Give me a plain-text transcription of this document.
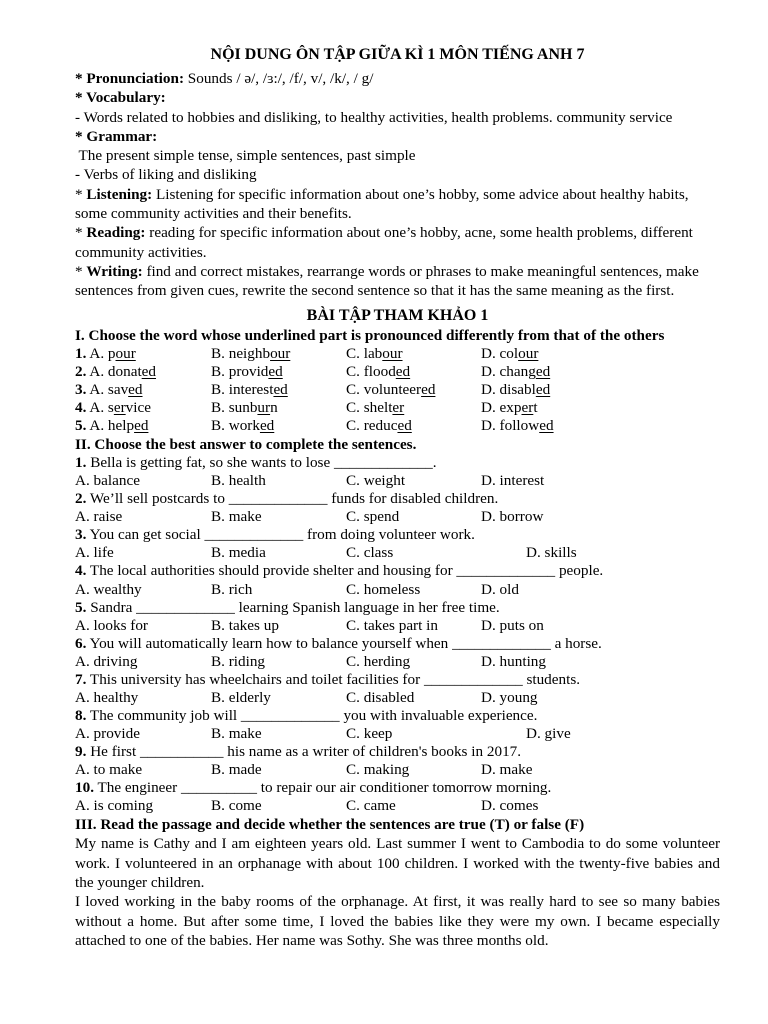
NỘI DUNG ÔN TẬP GIỮA KÌ 1 MÔN TIẾNG ANH 7
* Pronunciation: Sounds / ə/, /ɜ:/, /f/, v/, /k/, / g/
* Vocabulary:
- Words related to hobbies and disliking, to healthy activities, health problems. community service
* Grammar:
The present simple tense, simple sentences, past simple
- Verbs of liking and disliking
* Listening: Listening for specific information about one’s hobby, some advice about healthy habits, some community activities and their benefits.
* Reading: reading for specific information about one’s hobby, acne, some health problems, different community activities.
* Writing: find and correct mistakes, rearrange words or phrases to make meaningful sentences, make sentences from given cues, rewrite the second sentence so that it has the same meaning as the first.
BÀI TẬP THAM KHẢO 1
I. Choose the word whose underlined part is pronounced differently from that of the others
1. A. pour	B. neighbour	C. labour	D. colour
2. A. donated	B. provided	C. flooded	D. changed
3. A. saved	B. interested	C. volunteered	D. disabled
4. A. service	B. sunburn	C. shelter	D. expert
5. A. helped	B. worked	C. reduced	D. followed
II. Choose the best answer to complete the sentences.
1. Bella is getting fat, so she wants to lose _____________.
A. balance	B. health	C. weight	D. interest
2. We’ll sell postcards to _____________ funds for disabled children.
A. raise	B. make	C. spend	D. borrow
3. You can get social _____________ from doing volunteer work.
A. life	B. media	C. class	D. skills
4. The local authorities should provide shelter and housing for _____________ people.
A. wealthy	B. rich	C. homeless	D. old
5. Sandra _____________ learning Spanish language in her free time.
A. looks for	B. takes up	C. takes part in	D. puts on
6. You will automatically learn how to balance yourself when _____________ a horse.
A. driving	B. riding	C. herding	D. hunting
7. This university has wheelchairs and toilet facilities for _____________ students.
A. healthy	B. elderly	C. disabled	D. young
8. The community job will _____________ you with invaluable experience.
A. provide	B. make	C. keep	D. give
9. He first ___________ his name as a writer of children's books in 2017.
A. to make	B. made	C. making	D. make
10. The engineer __________ to repair our air conditioner tomorrow morning.
A. is coming	B. come	C. came	D. comes
III. Read the passage and decide whether the sentences are true (T) or false (F)
My name is Cathy and I am eighteen years old. Last summer I went to Cambodia to do some volunteer work. I volunteered in an orphanage with about 100 children. I worked with the twenty-five babies and the younger children.
I loved working in the baby rooms of the orphanage. At first, it was really hard to see so many babies without a home. But after some time, I loved the babies like they were my own. I became especially attached to one of the babies. Her name was Sothy. She was three months old.
